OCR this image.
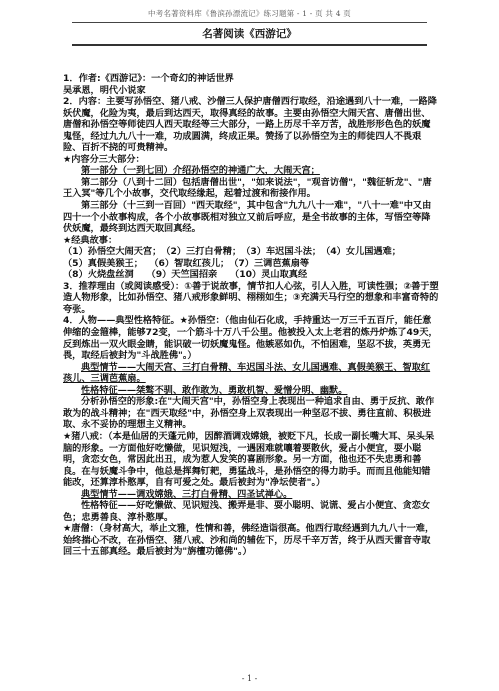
中考名著资料库《鲁滨孙漂流记》练习题第 - 1 - 页 共 4 页
名著阅读《西游记》

1．作者:《西游记》：一个奇幻的神话世界

吴承恩，明代小说家

2．内容：主要写孙悟空、猪八戒、沙僧三人保护唐僧西行取经，沿途遇到八十一难，一路降妖伏魔，化险为夷，最后到达西天，取得真经的故事。主要由孙悟空大闹天宫、唐僧出世、唐僧和孙悟空等师徒四人西天取经等三大部分，一路上历尽千辛万苦，战胜形形色色的妖魔鬼怪，经过九九八十一难，功成圆满，终成正果。赞扬了以孙悟空为主的师徒四人不畏艰险、百折不挠的可贵精神。

★内容分三大部分：

第一部分（一到七回）介绍孙悟空的神通广大，大闹天宫；

第二部分（八到十二回）包括唐僧出世"，"如来说法"，"观音访僧"，"魏征斩龙"、"唐王入冥"等几个小故事，交代取经缘起，起着过渡和衔接作用。

第三部分（十三到一百回）"西天取经"，其中包含"九九八十一难"，"八十一难"中又由四十一个小故事构成，各个小故事既相对独立又前后呼应，是全书故事的主体，写悟空等降伏妖魔，最终到达西天取回真经。

★经典故事：

（1）孙悟空大闹天宫；（2）三打白骨精；（3）车迟国斗法；（4）女儿国遇难；

（5）真假美猴王； （6）智取红孩儿；（7）三调芭蕉扇等

（8）火烧盘丝洞 （9）天竺国招亲 （10）灵山取真经

3．推荐理由（或阅读感受）：①善于说故事，情节扣人心弦，引人入胜，可读性强；②善于塑造人物形象，比如孙悟空、猪八戒形象鲜明、栩栩如生；③充满天马行空的想象和丰富奇特的夸张。

4．人物——典型性格特征。★孙悟空：（他由仙石化成，手持重达一万三千五百斤，能任意伸缩的金箍棒，能够72变，一个筋斗十万八千公里。他被投入太上老君的炼丹炉炼了49天，反到炼出一双火眼金睛，能识破一切妖魔鬼怪。他嫉恶如仇，不怕困难，坚忍不拔，英勇无畏，取经后被封为"斗战胜佛"。）

典型情节——大闹天宫、三打白骨精、车迟国斗法、女儿国遇难、真假美猴王、智取红孩儿、三调芭蕉扇。

性格特征——桀骜不驯、敢作敢为、勇敢机智、爱憎分明、幽默。

分析孙悟空的形象:在"大闹天宫"中，孙悟空身上表现出一种追求自由、勇于反抗、敢作敢为的战斗精神；在"西天取经"中，孙悟空身上双表现出一种坚忍不拔、勇往直前、积极进取、永不妥协的理想主义精神。

★猪八戒：（本是仙居的天蓬元帅，因醉酒调戏嫦娥，被贬下凡，长成一副长嘴大耳、呆头呆脑的形象。一方面他好吃懒做，见识短浅，一遇困难就嚷着要散伙，爱占小便宜，耍小聪明，贪恋女色，常因此出丑，成为惹人发笑的喜剧形象。另一方面，他也还不失忠勇和善良。在与妖魔斗争中，他总是挥舞钉耙，勇猛战斗，是孙悟空的得力助手。而而且他能知错能改，还算淳朴憨厚，自有可爱之处。最后被封为"净坛使者"。）

典型情节——调戏嫦娥、三打白骨精、四圣试禅心。

性格特征——好吃懒做、见识短浅、搬弄是非、耍小聪明、说谎、爱占小便宜、贪恋女色；忠勇善良、淳朴憨厚。

★唐僧：（身材高大，举止文雅，性情和善，佛经造诣很高。他西行取经遇到九九八十一难，始终揣心不改，在孙悟空、猪八戒、沙和尚的辅佐下，历尽千辛万苦，终于从西天雷音寺取回三十五部真经。最后被封为"旃檀功德佛"。）

- 1 -
